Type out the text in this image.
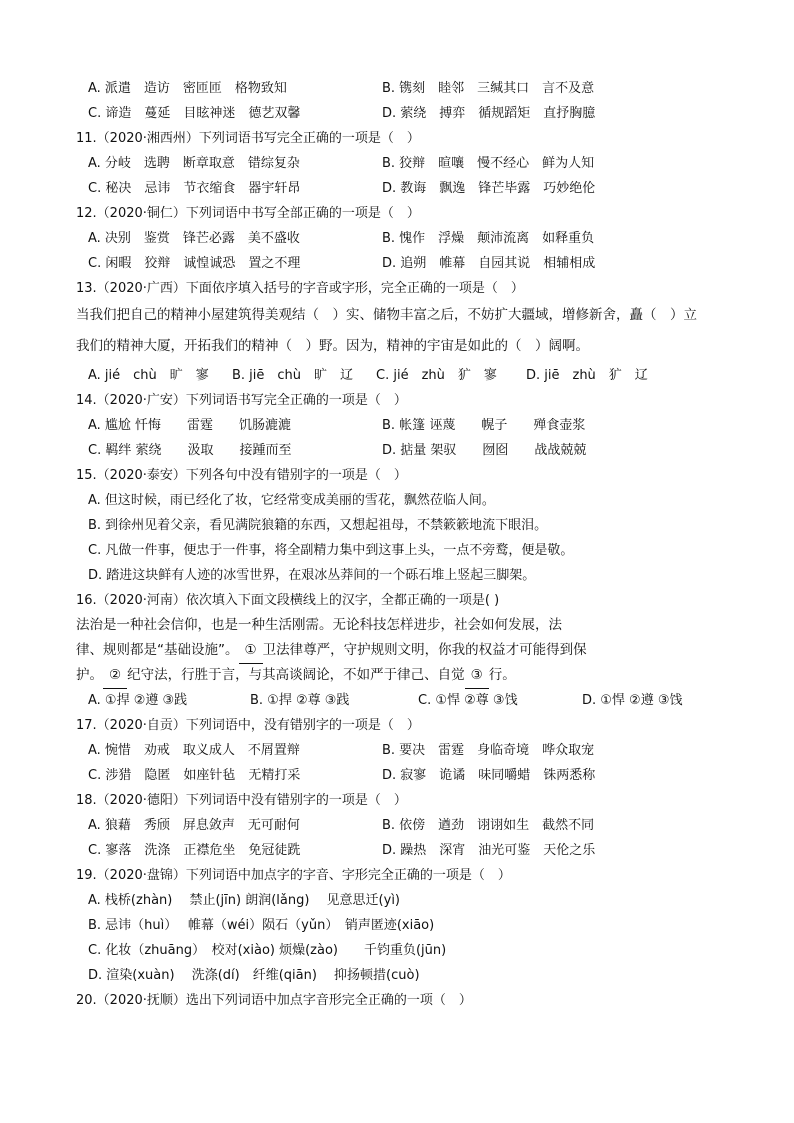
A. 派遣　造访　密匝匝　格物致知	B. 镌刻　睦邻　三缄其口　言不及意
C. 谛造　蔓延　目眩神迷　德艺双馨	D. 萦绕　搏弈　循规蹈矩　直抒胸臆
11.（2020·湘西州）下列词语书写完全正确的一项是（　）
A. 分岐　选聘　断章取意　错综复杂	B. 狡辩　暄嚷　慢不经心　鲜为人知
C. 秘决　忌讳　节衣缩食　器宇轩昂	D. 教诲　飘逸　锋芒毕露　巧妙绝伦
12.（2020·铜仁）下列词语中书写全部正确的一项是（　）
A. 决别　鉴赏　锋芒必露　美不盛收	B. 愧作　浮燥　颠沛流离　如释重负
C. 闲暇　狡辩　诚惶诚恐　置之不理	D. 追朔　帷幕　自园其说　相辅相成
13.（2020·广西）下面依序填入括号的字音或字形，完全正确的一项是（　）
当我们把自己的精神小屋建筑得美观结（　）实、储物丰富之后，不妨扩大疆域，增修新舍，矗（　）立
我们的精神大厦，开拓我们的精神（　）野。因为，精神的宇宙是如此的（　）阔啊。
A. jié　chù　旷　寥 B. jiē　chù　旷　辽 C. jié　zhù　犷　寥 D. jiē　zhù　犷　辽
14.（2020·广安）下列词语书写完全正确的一项是（　）
A. 尴尬 忏悔　　雷霆　　饥肠漉漉	B. 帐篷 诬蔑　　幌子　　殚食壶浆
C. 羁绊 萦绕　　汲取　　接踵而至	D. 掂量 架驭　　囫囵　　战战兢兢
15.（2020·泰安）下列各句中没有错别字的一项是（　）
A. 但这时候，雨已经化了妆，它经常变成美丽的雪花，飘然莅临人间。
B. 到徐州见着父亲，看见满院狼籍的东西，又想起祖母，不禁簌簌地流下眼泪。
C. 凡做一件事，便忠于一件事，将全副精力集中到这事上头，一点不旁鹜，便是敬。
D. 踏进这块鲜有人迹的冰雪世界，在艰冰丛莽间的一个砾石堆上竖起三脚架。
16.（2020·河南）依次填入下面文段横线上的汉字，全都正确的一项是( )
法治是一种社会信仰，也是一种生活刚需。无论科技怎样进步，社会如何发展，法
律、规则都是“基础设施”。 ① 卫法律尊严，守护规则文明，你我的权益才可能得到保
护。 ② 纪守法，行胜于言，与其高谈阔论，不如严于律己、自觉 ③ 行。
A. ①捍 ②遵 ③践	B. ①捍 ②尊 ③践	C. ①悍 ②尊 ③饯	D. ①悍 ②遵 ③饯
17.（2020·自贡）下列词语中，没有错别字的一项是（　）
A. 惋惜　劝戒　取义成人　不屑置辩	B. 要决　雷霆　身临奇境　哗众取宠
C. 涉猎　隐匿　如座针毡　无精打采	D. 寂寥　诡谲　味同嚼蜡　铢两悉称
18.（2020·德阳）下列词语中没有错别字的一项是（　）
A. 狼藉　秀颀　屏息敛声　无可耐何	B. 依傍　遒劲　诩诩如生　截然不同
C. 寥落　洗涤　正襟危坐　免冠徒跣	D. 躁热　深宵　油光可鉴　天伦之乐
19.（2020·盘锦）下列词语中加点字的字音、字形完全正确的一项是（　）
A. 栈桥(zhàn)　 禁止(jīn) 朗润(lǎng)　 见意思迁(yì)
B. 忌讳（huì）　 帷幕（wéi）陨石（yǔn）　销声匿迹(xiāo)
C. 化妆（zhuāng）　校对(xiào) 烦燥(zào)　　千钧重负(jūn)
D. 渲染(xuàn)　 洗涤(dí)　纤维(qiān)　 抑扬顿措(cuò)
20.（2020·抚顺）选出下列词语中加点字音形完全正确的一项（　）
